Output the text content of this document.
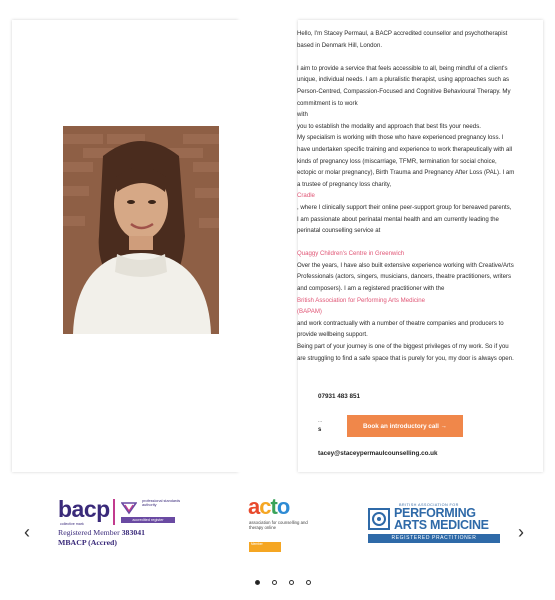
Hello, I'm Stacey Permaul, a BACP accredited counsellor and psychotherapist based in Denmark Hill, London.

I aim to provide a service that feels accessible to all, being mindful of a client's unique, individual needs. I am a pluralistic therapist, using approaches such as Person-Centred, Compassion-Focused and Cognitive Behavioural Therapy. My commitment is to work

with

you to establish the modality and approach that best fits your needs.

My specialism is working with those who have experienced pregnancy loss. I have undertaken specific training and experience to work therapeutically with all kinds of pregnancy loss (miscarriage, TFMR, termination for social choice, ectopic or molar pregnancy), Birth Trauma and Pregnancy After Loss (PAL). I am a trustee of pregnancy loss charity,

Cradle

, where I clinically support their online peer-support group for bereaved parents,

I am passionate about perinatal mental health and am currently leading the perinatal counselling service at

Quaggy Children's Centre in Greenwich

Over the years, I have also built extensive experience working with Creative/Arts Professionals (actors, singers, musicians, dancers, theatre practitioners, writers and composers). I am a registered practitioner with the

British Association for Performing Arts Medicine

(BAPAM)

and work contractually with a number of theatre companies and producers to provide wellbeing support.

Being part of your journey is one of the biggest privileges of my work. So if you are struggling to find a safe space that is purely for you, my door is always open.

07931 483 851
...
s
Book an introductory call →
tacey@staceypermaulcounselling.co.uk
‹	›
bacp
collective mark
professional standards authority
accredited register
Registered Member 383041
MBACP (Accred)
acto
association for counselling and therapy online
Member
BRITISH ASSOCIATION FOR
PERFORMING
ARTS MEDICINE
REGISTERED PRACTITIONER
